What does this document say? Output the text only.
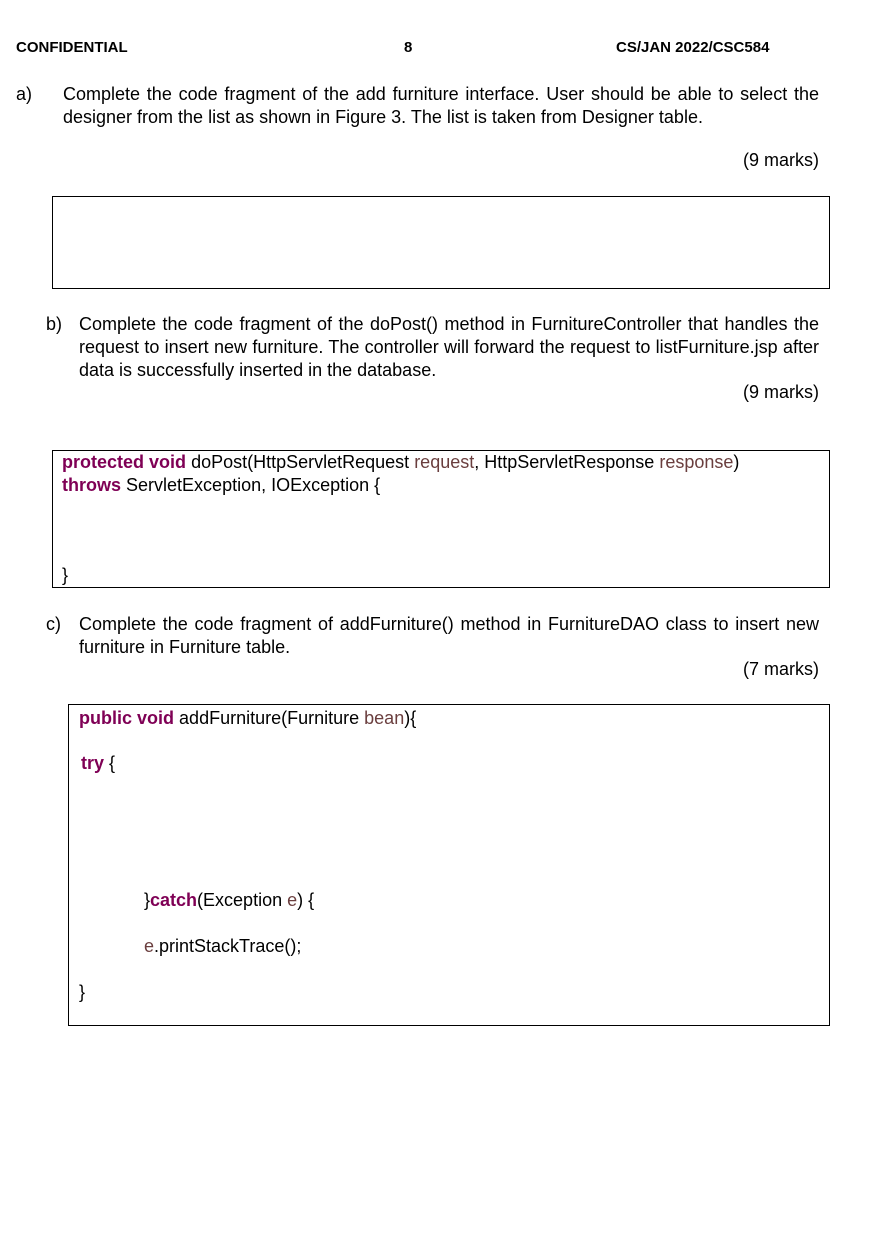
CONFIDENTIAL	8	CS/JAN 2022/CSC584
a) Complete the code fragment of the add furniture interface. User should be able to select the designer from the list as shown in Figure 3. The list is taken from Designer table.

(9 marks)
b) Complete the code fragment of the doPost() method in FurnitureController that handles the request to insert new furniture. The controller will forward the request to listFurniture.jsp after data is successfully inserted in the database.

(9 marks)
protected void doPost(HttpServletRequest request, HttpServletResponse response)
throws ServletException, IOException {
}
c) Complete the code fragment of addFurniture() method in FurnitureDAO class to insert new furniture in Furniture table.

(7 marks)
public void addFurniture(Furniture bean){
try {
}catch(Exception e) {
e.printStackTrace();
}
